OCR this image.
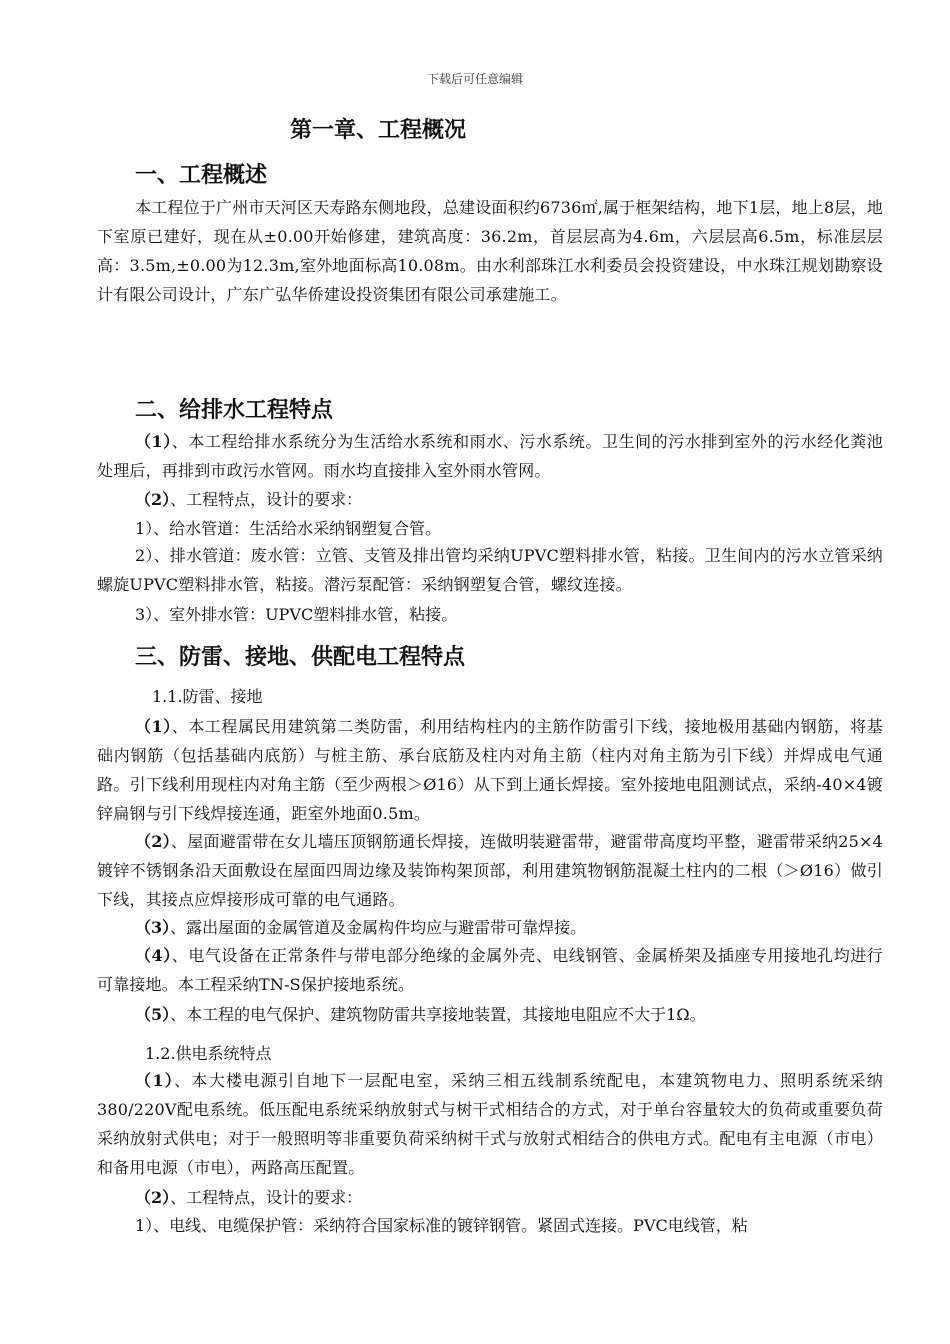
下载后可任意编辑
第一章、工程概况
一、工程概述
本工程位于广州市天河区天寿路东侧地段，总建设面积约6736㎡,属于框架结构，地下1层，地上8层，地下室原已建好，现在从±0.00开始修建，建筑高度：36.2m，首层层高为4.6m，六层层高6.5m，标准层层高：3.5m,±0.00为12.3m,室外地面标高10.08m。由水利部珠江水利委员会投资建设，中水珠江规划勘察设计有限公司设计，广东广弘华侨建设投资集团有限公司承建施工。
二、给排水工程特点
（1）、本工程给排水系统分为生活给水系统和雨水、污水系统。卫生间的污水排到室外的污水经化粪池处理后，再排到市政污水管网。雨水均直接排入室外雨水管网。
（2）、工程特点，设计的要求：
1）、给水管道：生活给水采纳钢塑复合管。
2）、排水管道：废水管：立管、支管及排出管均采纳UPVC塑料排水管，粘接。卫生间内的污水立管采纳螺旋UPVC塑料排水管，粘接。潜污泵配管：采纳钢塑复合管，螺纹连接。
3）、室外排水管：UPVC塑料排水管，粘接。
三、防雷、接地、供配电工程特点
1.1.防雷、接地
（1）、本工程属民用建筑第二类防雷，利用结构柱内的主筋作防雷引下线，接地极用基础内钢筋，将基础内钢筋（包括基础内底筋）与桩主筋、承台底筋及柱内对角主筋（柱内对角主筋为引下线）并焊成电气通路。引下线利用现柱内对角主筋（至少两根＞Ø16）从下到上通长焊接。室外接地电阻测试点，采纳-40×4镀锌扁钢与引下线焊接连通，距室外地面0.5m。
（2）、屋面避雷带在女儿墙压顶钢筋通长焊接，连做明装避雷带，避雷带高度均平整，避雷带采纳25×4镀锌不锈钢条沿天面敷设在屋面四周边缘及装饰构架顶部，利用建筑物钢筋混凝土柱内的二根（＞Ø16）做引下线，其接点应焊接形成可靠的电气通路。
（3）、露出屋面的金属管道及金属构件均应与避雷带可靠焊接。
（4）、电气设备在正常条件与带电部分绝缘的金属外壳、电线钢管、金属桥架及插座专用接地孔均进行可靠接地。本工程采纳TN-S保护接地系统。
（5）、本工程的电气保护、建筑物防雷共享接地装置，其接地电阻应不大于1Ω。
1.2.供电系统特点
（1）、本大楼电源引自地下一层配电室，采纳三相五线制系统配电，本建筑物电力、照明系统采纳380/220V配电系统。低压配电系统采纳放射式与树干式相结合的方式，对于单台容量较大的负荷或重要负荷采纳放射式供电；对于一般照明等非重要负荷采纳树干式与放射式相结合的供电方式。配电有主电源（市电）和备用电源（市电），两路高压配置。
（2）、工程特点，设计的要求：
1）、电线、电缆保护管：采纳符合国家标准的镀锌钢管。紧固式连接。PVC电线管，粘
